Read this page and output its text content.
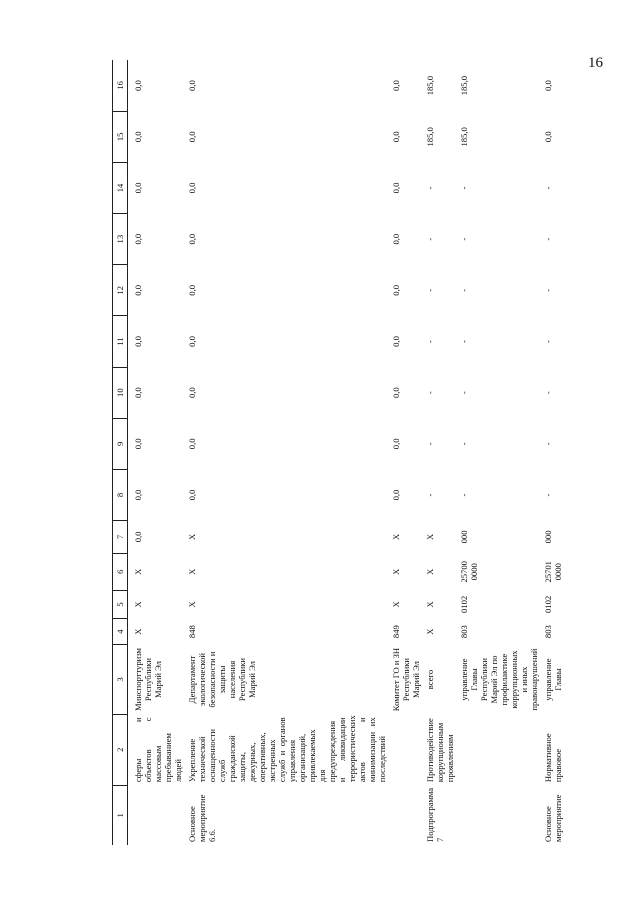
16
1	2	3	4	5	6	7	8	9	10	11	12	13	14	15	16
	сферы и объектов с массовым пребыванием людей	Минспорттуризм Республики Марий Эл	X	X	X	0,0	0,0	0,0	0,0	0,0	0,0	0,0	0,0	0,0	0,0
Основное мероприятие 6.6.	Укрепление технической оснащенности служб гражданской защиты, дежурных, оперативных, экстренных служб и органов управления организаций, привлекаемых для предупреждения и ликвидации террористических актов и минимизации их последствий	Департамент экологической безопасности и защиты населения Республики Марий Эл	848	X	X	X	0,0	0,0	0,0	0,0	0,0	0,0	0,0	0,0	0,0
		Комитет ГО и ЗН Республики Марий Эл	849	X	X	X	0,0	0,0	0,0	0,0	0,0	0,0	0,0	0,0	0,0
Подпрограмма 7	Противодействие коррупционным проявлениям	всего	X	X	X	X	-	-	-	-	-	-	-	185,0	185,0
		управление Главы Республики Марий Эл по профилактике коррупционных и иных правонарушений	803	0102	25700 0000	000	-	-	-	-	-	-	-	185,0	185,0
Основное мероприятие	Нормативное правовое	управление Главы	803	0102	25701 0000	000	-	-	-	-	-	-	-	0,0	0,0
